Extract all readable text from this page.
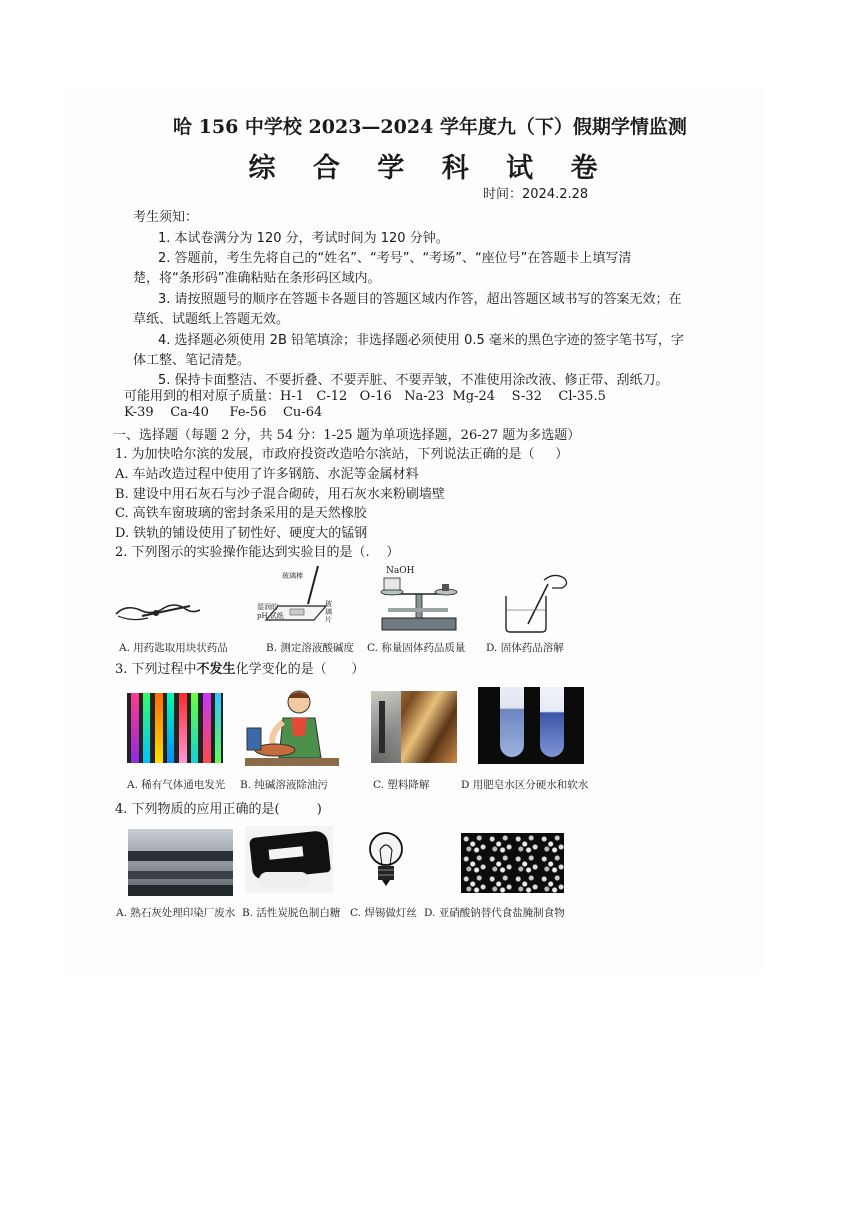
哈 156 中学校 2023—2024 学年度九（下）假期学情监测
综 合 学 科 试 卷
时间：2024.2.28
考生须知：
1. 本试卷满分为 120 分，考试时间为 120 分钟。
2. 答题前，考生先将自己的“姓名”、“考号”、“考场”、“座位号”在答题卡上填写清
楚，将“条形码”准确粘贴在条形码区域内。
3. 请按照题号的顺序在答题卡各题目的答题区域内作答，超出答题区域书写的答案无效；在
草纸、试题纸上答题无效。
4. 选择题必须使用 2B 铅笔填涂；非选择题必须使用 0.5 毫米的黑色字迹的签字笔书写，字
体工整、笔记清楚。
5. 保持卡面整洁、不要折叠、不要弄脏、不要弄皱，不准使用涂改液、修正带、刮纸刀。
可能用到的相对原子质量：H-1   C-12   O-16   Na-23  Mg-24    S-32    Cl-35.5
K-39    Ca-40     Fe-56    Cu-64
一、选择题（每题 2 分，共 54 分：1-25 题为单项选择题，26-27 题为多选题）
1. 为加快哈尔滨的发展，市政府投资改造哈尔滨站，下列说法正确的是（     ）
A. 车站改造过程中使用了许多钢筋、水泥等金属材料
B. 建设中用石灰石与沙子混合砌砖，用石灰水来粉刷墙壁
C. 高铁车窗玻璃的密封条采用的是天然橡胶
D. 铁轨的铺设使用了韧性好、硬度大的锰钢
2. 下列图示的实验操作能达到实验目的是（.    ）
玻璃棒
湿润的
pH 试纸
玻璃片
NaOH
A. 用药匙取用块状药品	B. 测定溶液酸碱度 C. 称量固体药品质量 D. 固体药品溶解
3. 下列过程中不发生化学变化的是（      ）
A. 稀有气体通电发光 B. 纯碱溶液除油污	C. 塑料降解	D 用肥皂水区分硬水和软水
4. 下列物质的应用正确的是(         )
A. 熟石灰处理印染厂废水 B. 活性炭脱色制白糖 C. 焊锡做灯丝 D. 亚硝酸钠替代食盐腌制食物
